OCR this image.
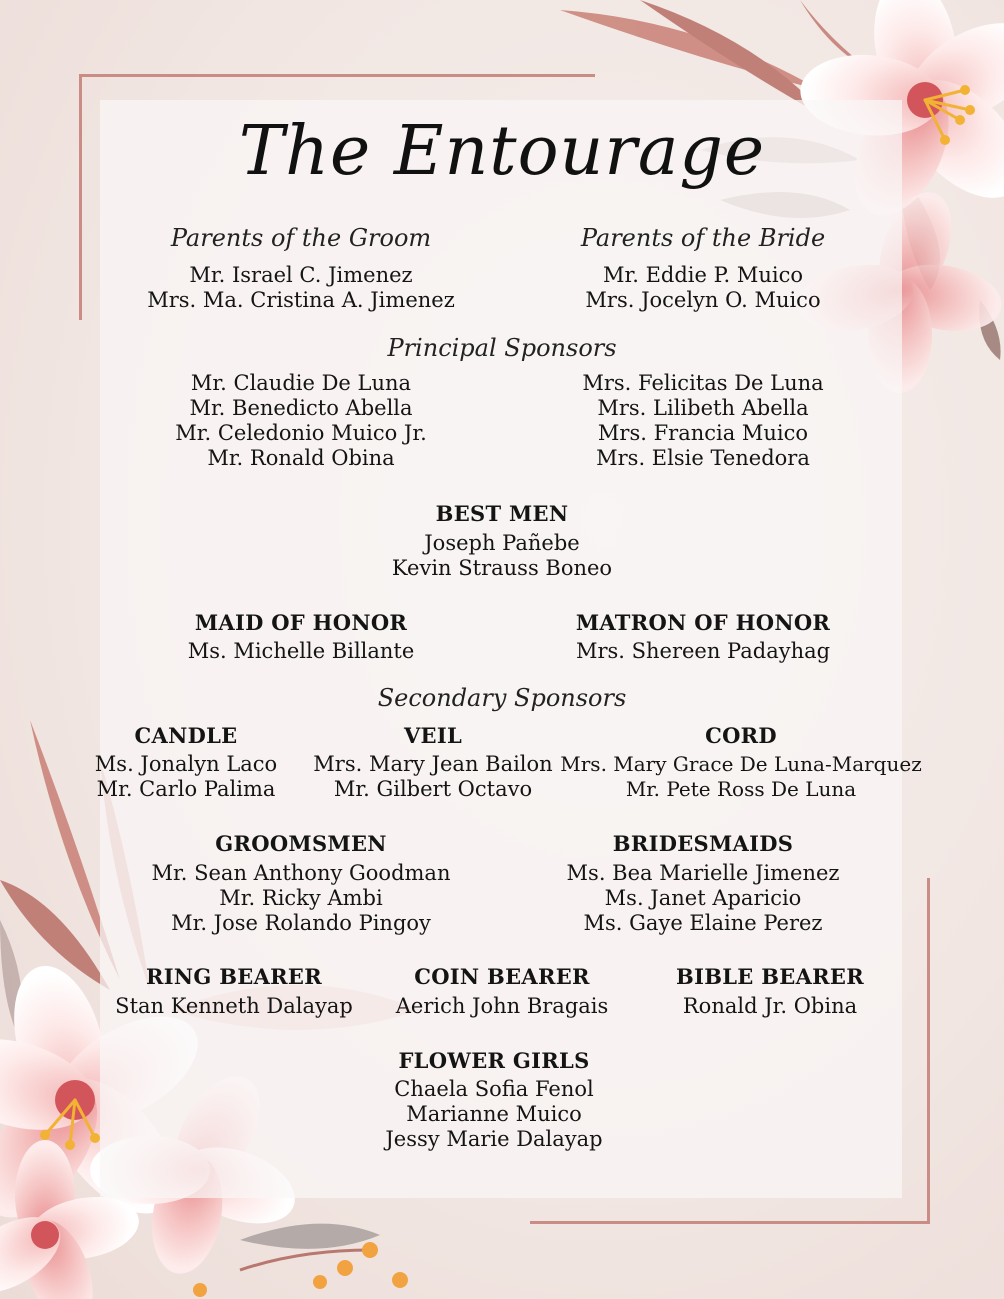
The Entourage
Parents of the Groom
Mr. Israel C. Jimenez
Mrs. Ma. Cristina A. Jimenez
Parents of the Bride
Mr. Eddie P. Muico
Mrs. Jocelyn O. Muico
Principal Sponsors
Mr. Claudie De Luna
Mr. Benedicto Abella
Mr. Celedonio Muico Jr.
Mr. Ronald Obina
Mrs. Felicitas De Luna
Mrs. Lilibeth Abella
Mrs. Francia Muico
Mrs. Elsie Tenedora
BEST MEN
Joseph Pañebe
Kevin Strauss Boneo
MAID OF HONOR
Ms. Michelle Billante
MATRON OF HONOR
Mrs. Shereen Padayhag
Secondary Sponsors
CANDLE
Ms. Jonalyn Laco
Mr. Carlo Palima
VEIL
Mrs. Mary Jean Bailon
Mr. Gilbert Octavo
CORD
Mrs. Mary Grace De Luna-Marquez
Mr. Pete Ross De Luna
GROOMSMEN
Mr. Sean Anthony Goodman
Mr. Ricky Ambi
Mr. Jose Rolando Pingoy
BRIDESMAIDS
Ms. Bea Marielle Jimenez
Ms. Janet Aparicio
Ms. Gaye Elaine Perez
RING BEARER
Stan Kenneth Dalayap
COIN BEARER
Aerich John Bragais
BIBLE BEARER
Ronald Jr. Obina
FLOWER GIRLS
Chaela Sofia Fenol
Marianne Muico
Jessy Marie Dalayap
